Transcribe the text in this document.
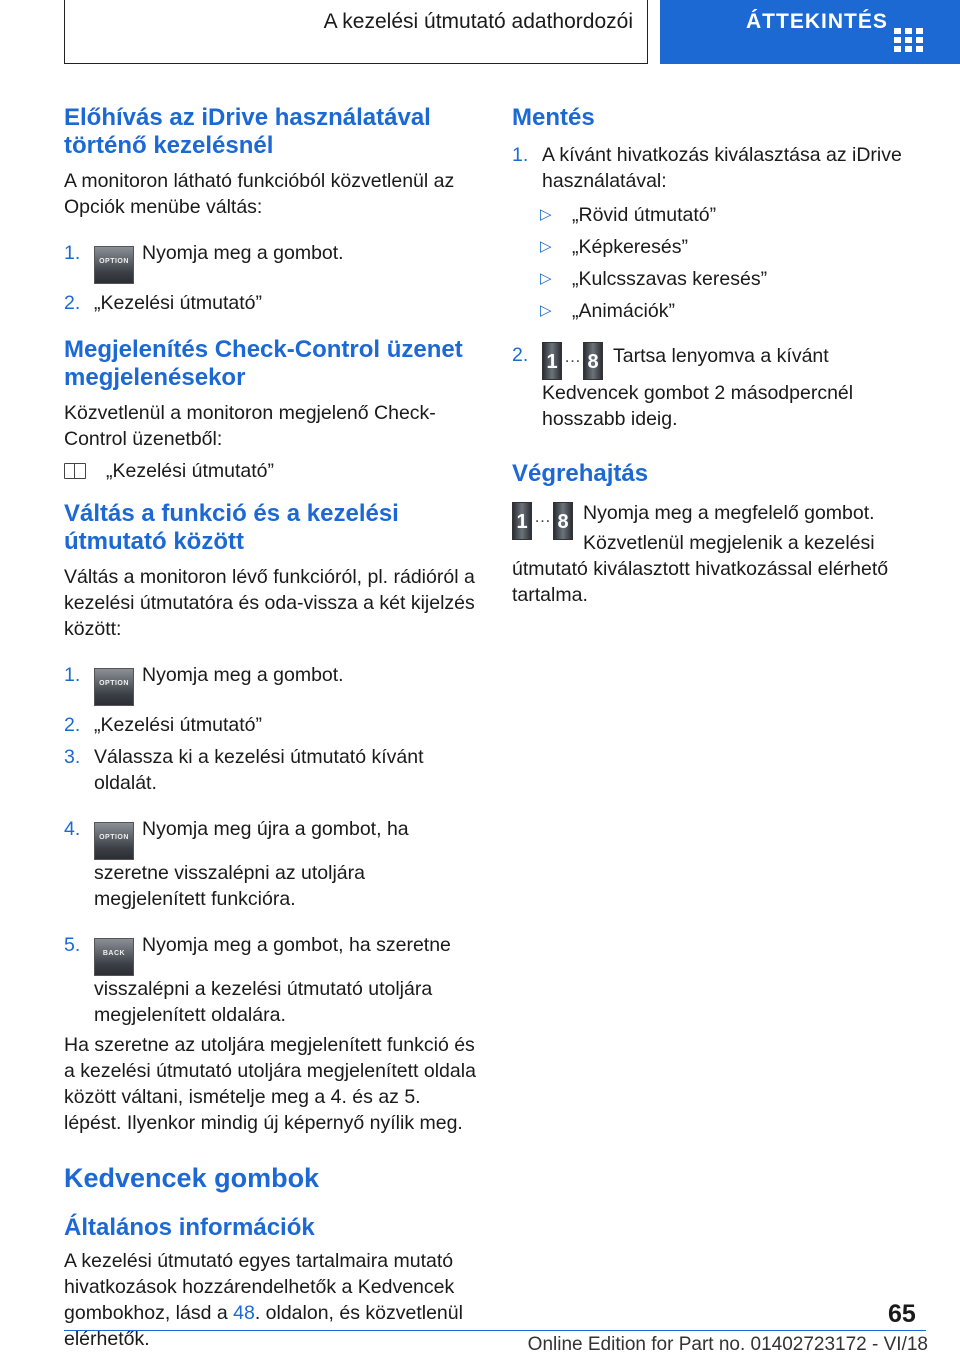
A kezelési útmutató adathordozói	ÁTTEKINTÉS
Előhívás az iDrive használatával történő kezelésnél

A monitoron látható funkcióból közvetlenül az Opciók menübe váltás:

1.	OPTION Nyomja meg a gombot.
2. „Kezelési útmutató”
Megjelenítés Check-Control üzenet megjelenésekor

Közvetlenül a monitoron megjelenő Check-Control üzenetből:

„Kezelési útmutató”

Váltás a funkció és a kezelési útmutató között

Váltás a monitoron lévő funkcióról, pl. rádióról a kezelési útmutatóra és oda-vissza a két kijelzés között:

1.	OPTION Nyomja meg a gombot.
2. „Kezelési útmutató”
3. Válassza ki a kezelési útmutató kívánt oldalát.
4.	OPTION Nyomja meg újra a gombot, ha szeretne visszalépni az utoljára megjelenített funkcióra.
5.	BACK Nyomja meg a gombot, ha szeretne visszalépni a kezelési útmutató utoljára megjelenített oldalára.

Ha szeretne az utoljára megjelenített funkció és a kezelési útmutató utoljára megjelenített oldala között váltani, ismételje meg a 4. és az 5. lépést. Ilyenkor mindig új képernyő nyílik meg.

Kedvencek gombok
Általános információk

A kezelési útmutató egyes tartalmaira mutató hivatkozások hozzárendelhetők a Kedvencek gombokhoz, lásd a 48. oldalon, és közvetlenül elérhetők.

Mentés
1. A kívánt hivatkozás kiválasztása az iDrive használatával:
▷ „Rövid útmutató”
▷ „Képkeresés”
▷ „Kulcsszavas keresés”
▷ „Animációk”
2. 1 … 8 Tartsa lenyomva a kívánt Kedvencek gombot 2 másodpercnél hosszabb ideig.
Végrehajtás
1 … 8 Nyomja meg a megfelelő gombot.

Közvetlenül megjelenik a kezelési útmutató kiválasztott hivatkozással elérhető tartalma.

65
Online Edition for Part no. 01402723172 - VI/18
